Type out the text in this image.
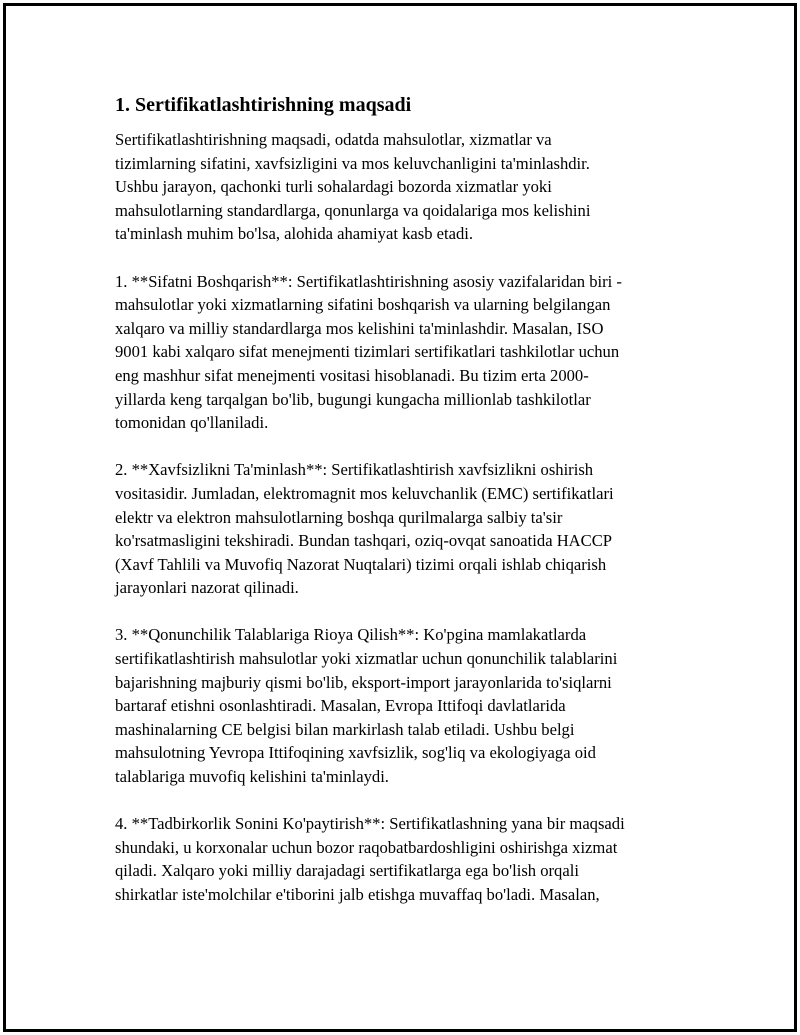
1. Sertifikatlashtirishning maqsadi

Sertifikatlashtirishning maqsadi, odatda mahsulotlar, xizmatlar va
tizimlarning sifatini, xavfsizligini va mos keluvchanligini ta'minlashdir.
Ushbu jarayon, qachonki turli sohalardagi bozorda xizmatlar yoki
mahsulotlarning standardlarga, qonunlarga va qoidalariga mos kelishini
ta'minlash muhim bo'lsa, alohida ahamiyat kasb etadi.

1. **Sifatni Boshqarish**: Sertifikatlashtirishning asosiy vazifalaridan biri -
mahsulotlar yoki xizmatlarning sifatini boshqarish va ularning belgilangan
xalqaro va milliy standardlarga mos kelishini ta'minlashdir. Masalan, ISO
9001 kabi xalqaro sifat menejmenti tizimlari sertifikatlari tashkilotlar uchun
eng mashhur sifat menejmenti vositasi hisoblanadi. Bu tizim erta 2000-
yillarda keng tarqalgan bo'lib, bugungi kungacha millionlab tashkilotlar
tomonidan qo'llaniladi.

2. **Xavfsizlikni Ta'minlash**: Sertifikatlashtirish xavfsizlikni oshirish
vositasidir. Jumladan, elektromagnit mos keluvchanlik (EMC) sertifikatlari
elektr va elektron mahsulotlarning boshqa qurilmalarga salbiy ta'sir
ko'rsatmasligini tekshiradi. Bundan tashqari, oziq-ovqat sanoatida HACCP
(Xavf Tahlili va Muvofiq Nazorat Nuqtalari) tizimi orqali ishlab chiqarish
jarayonlari nazorat qilinadi.

3. **Qonunchilik Talablariga Rioya Qilish**: Ko'pgina mamlakatlarda
sertifikatlashtirish mahsulotlar yoki xizmatlar uchun qonunchilik talablarini
bajarishning majburiy qismi bo'lib, eksport-import jarayonlarida to'siqlarni
bartaraf etishni osonlashtiradi. Masalan, Evropa Ittifoqi davlatlarida
mashinalarning CE belgisi bilan markirlash talab etiladi. Ushbu belgi
mahsulotning Yevropa Ittifoqining xavfsizlik, sog'liq va ekologiyaga oid
talablariga muvofiq kelishini ta'minlaydi.

4. **Tadbirkorlik Sonini Ko'paytirish**: Sertifikatlashning yana bir maqsadi
shundaki, u korxonalar uchun bozor raqobatbardoshligini oshirishga xizmat
qiladi. Xalqaro yoki milliy darajadagi sertifikatlarga ega bo'lish orqali
shirkatlar iste'molchilar e'tiborini jalb etishga muvaffaq bo'ladi. Masalan,
